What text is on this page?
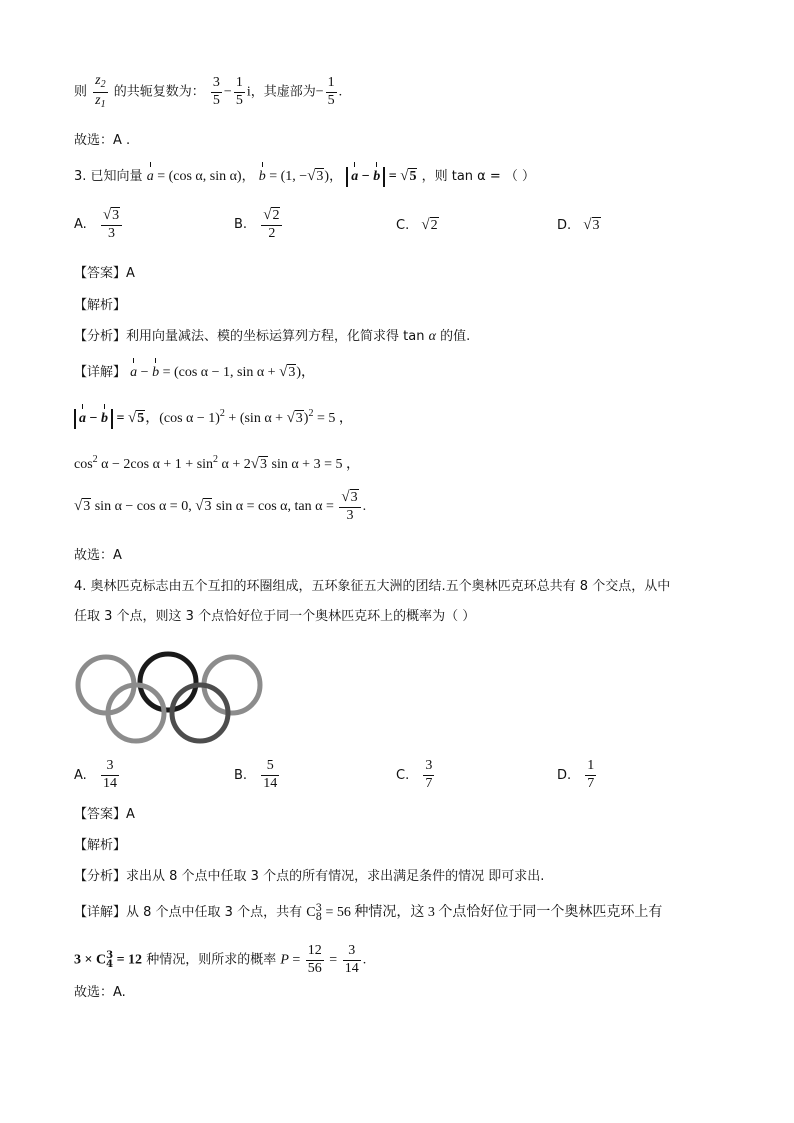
则 $\frac{z_2}{z_1}$ 的共轭复数为： $\frac{3}{5} - \frac{1}{5}$ i，其虚部为− $\frac{1}{5}$ .
故选：A .
3. 已知向量 a = (cos α, sin α)， b = (1, −√3)， a − b = √5 ，则 tan α = （ ）
A. $\frac{√3}{3}$	B. $\frac{√2}{2}$	C. √2	D. √3
【答案】A
【解析】
【分析】利用向量减法、模的坐标运算列方程，化简求得 tan α 的值.
【详解】 a − b = (cos α − 1, sin α + √3)，
a − b = √5，(cos α − 1)$^2$ + (sin α + √3)$^2$ = 5 ，
$\cos^2 \alpha - 2\cos$ $\alpha + 1 + \sin^2 \alpha + 2√3$ sin α + 3 = 5 ，
√3 sin α − cos α = 0, √3 sin α = cos α, $\tan \alpha = \frac{√3}{3}$ .
故选：A
4. 奥林匹克标志由五个互扣的环圈组成，五环象征五大洲的团结.五个奥林匹克环总共有 8 个交点，从中
任取 3 个点，则这 3 个点恰好位于同一个奥林匹克环上的概率为（ ）
A. $\frac{3}{14}$	B. $\frac{5}{14}$	C. $\frac{3}{7}$	D. $\frac{1}{7}$
【答案】A
【解析】
【分析】求出从 8 个点中任取 3 个点的所有情况，求出满足条件的情况 即可求出.
【详解】从 8 个点中任取 3 个点，共有 C 3
8 = 56 种情况，这 3 个点恰好位于同一个奥林匹克环上有
3 × C 3
4 = 12 种情况，则所求的概率 $P = \frac{12}{56} = \frac{3}{14}$ .
故选：A.
